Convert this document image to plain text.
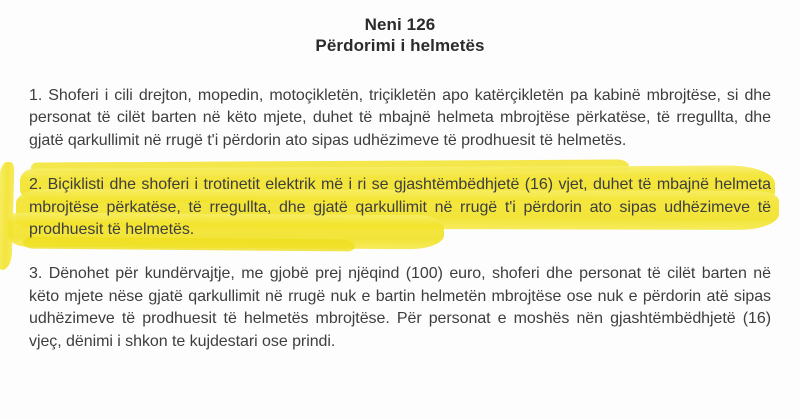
Neni 126
Përdorimi i helmetës

1. Shoferi i cili drejton, mopedin, motoçikletën, triçikletën apo katërçikletën pa kabinë mbrojtëse, si dhe personat të cilët barten në këto mjete, duhet të mbajnë helmeta mbrojtëse përkatëse, të rregullta, dhe gjatë qarkullimit në rrugë t'i përdorin ato sipas udhëzimeve të prodhuesit të helmetës.

2. Biçiklisti dhe shoferi i trotinetit elektrik më i ri se gjashtëmbëdhjetë (16) vjet, duhet të mbajnë helmeta mbrojtëse përkatëse, të rregullta, dhe gjatë qarkullimit në rrugë t'i përdorin ato sipas udhëzimeve të prodhuesit të helmetës.

3. Dënohet për kundërvajtje, me gjobë prej njëqind (100) euro, shoferi dhe personat të cilët barten në këto mjete nëse gjatë qarkullimit në rrugë nuk e bartin helmetën mbrojtëse ose nuk e përdorin atë sipas udhëzimeve të prodhuesit të helmetës mbrojtëse. Për personat e moshës nën gjashtëmbëdhjetë (16) vjeç, dënimi i shkon te kujdestari ose prindi.
